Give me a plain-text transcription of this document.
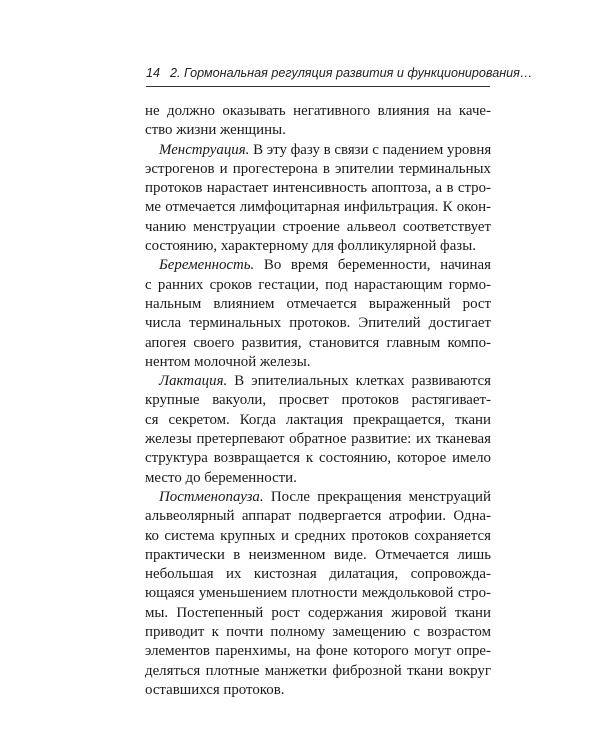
14 2. Гормональная регуляция развития и функционирования…
не должно оказывать негативного влияния на каче-
ство жизни женщины.
Менструация. В эту фазу в связи с падением уровня
эстрогенов и прогестерона в эпителии терминальных
протоков нарастает интенсивность апоптоза, а в стро-
ме отмечается лимфоцитарная инфильтрация. К окон-
чанию менструации строение альвеол соответствует
состоянию, характерному для фолликулярной фазы.
Беременность. Во время беременности, начиная
с ранних сроков гестации, под нарастающим гормо-
нальным влиянием отмечается выраженный рост
числа терминальных протоков. Эпителий достигает
апогея своего развития, становится главным компо-
нентом молочной железы.
Лактация. В эпителиальных клетках развиваются
крупные вакуоли, просвет протоков растягивает-
ся секретом. Когда лактация прекращается, ткани
железы претерпевают обратное развитие: их тканевая
структура возвращается к состоянию, которое имело
место до беременности.
Постменопауза. После прекращения менструаций
альвеолярный аппарат подвергается атрофии. Одна-
ко система крупных и средних протоков сохраняется
практически в неизменном виде. Отмечается лишь
небольшая их кистозная дилатация, сопровожда-
ющаяся уменьшением плотности междольковой стро-
мы. Постепенный рост содержания жировой ткани
приводит к почти полному замещению с возрастом
элементов паренхимы, на фоне которого могут опре-
деляться плотные манжетки фиброзной ткани вокруг
оставшихся протоков.
